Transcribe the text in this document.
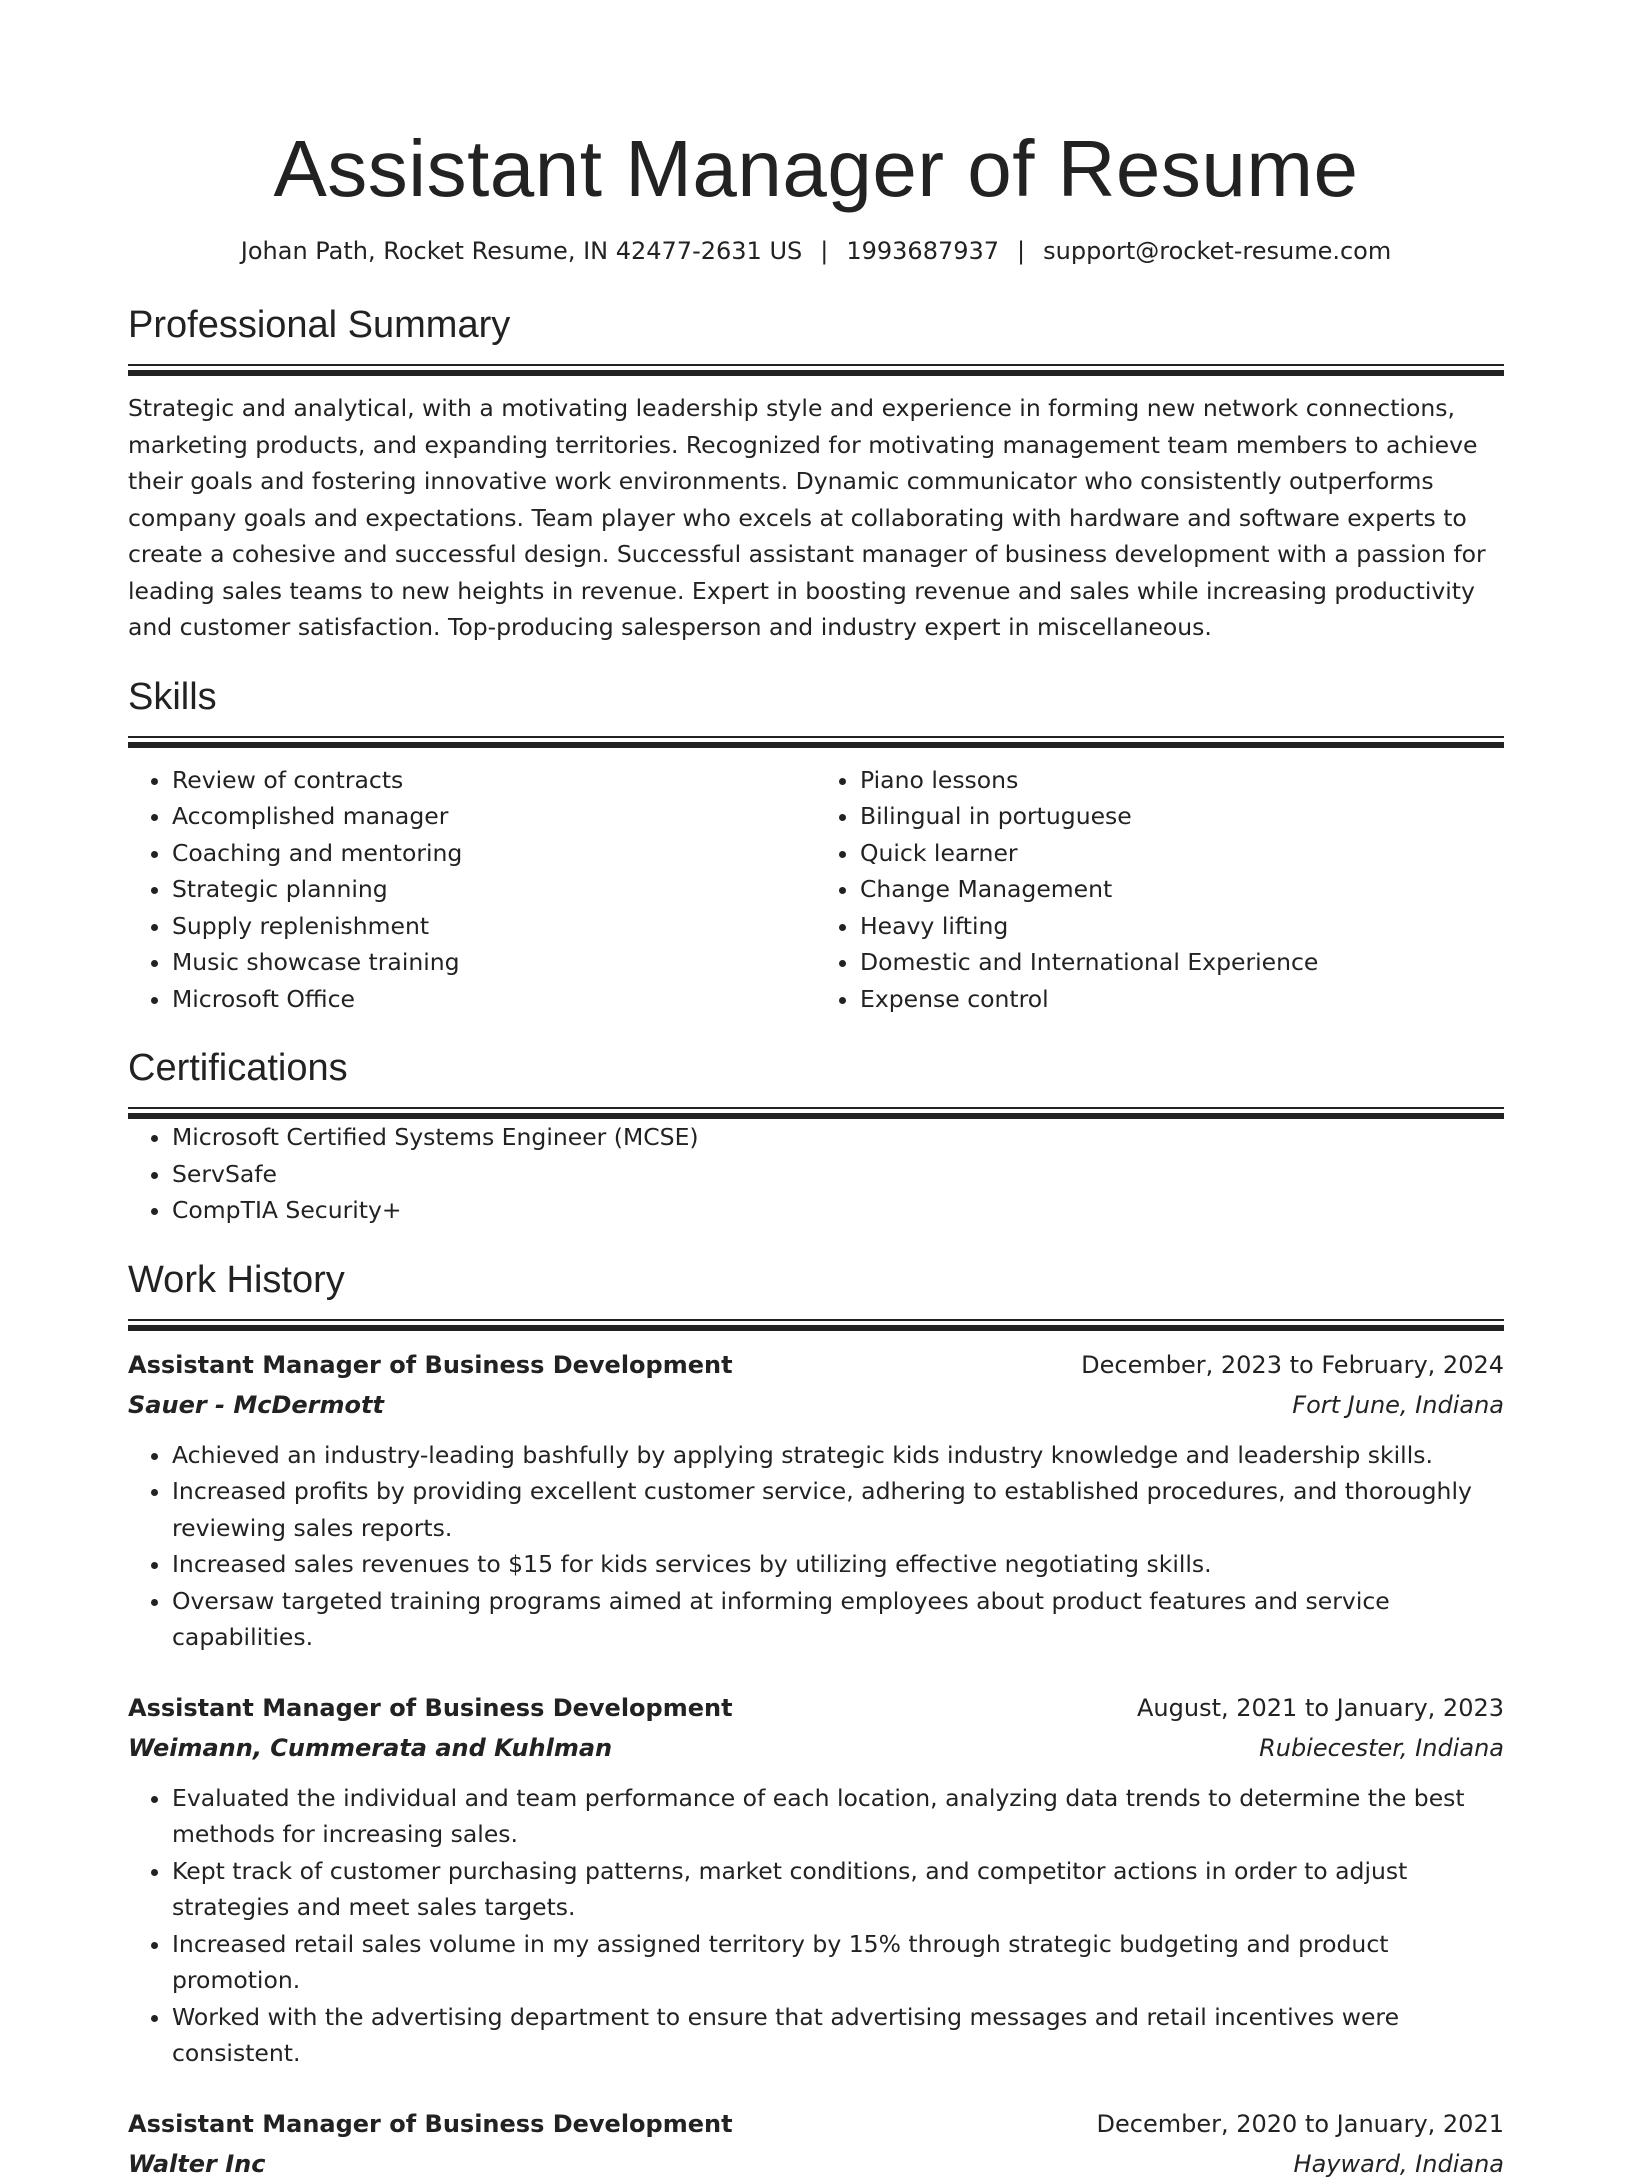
Assistant Manager of Resume
Johan Path, Rocket Resume, IN 42477-2631 US | 1993687937 | support@rocket-resume.com
Professional Summary
Strategic and analytical, with a motivating leadership style and experience in forming new network connections, marketing products, and expanding territories. Recognized for motivating management team members to achieve their goals and fostering innovative work environments. Dynamic communicator who consistently outperforms company goals and expectations. Team player who excels at collaborating with hardware and software experts to create a cohesive and successful design. Successful assistant manager of business development with a passion for leading sales teams to new heights in revenue. Expert in boosting revenue and sales while increasing productivity and customer satisfaction. Top-producing salesperson and industry expert in miscellaneous.
Skills
• Review of contracts
• Accomplished manager
• Coaching and mentoring
• Strategic planning
• Supply replenishment
• Music showcase training
• Microsoft Office
• Piano lessons
• Bilingual in portuguese
• Quick learner
• Change Management
• Heavy lifting
• Domestic and International Experience
• Expense control
Certifications
• Microsoft Certified Systems Engineer (MCSE)
• ServSafe
• CompTIA Security+
Work History
Assistant Manager of Business Development	December, 2023 to February, 2024
Sauer - McDermott	Fort June, Indiana
• Achieved an industry-leading bashfully by applying strategic kids industry knowledge and leadership skills.
• Increased profits by providing excellent customer service, adhering to established procedures, and thoroughly reviewing sales reports.
• Increased sales revenues to $15 for kids services by utilizing effective negotiating skills.
• Oversaw targeted training programs aimed at informing employees about product features and service capabilities.
Assistant Manager of Business Development	August, 2021 to January, 2023
Weimann, Cummerata and Kuhlman	Rubiecester, Indiana
• Evaluated the individual and team performance of each location, analyzing data trends to determine the best methods for increasing sales.
• Kept track of customer purchasing patterns, market conditions, and competitor actions in order to adjust strategies and meet sales targets.
• Increased retail sales volume in my assigned territory by 15% through strategic budgeting and product promotion.
• Worked with the advertising department to ensure that advertising messages and retail incentives were consistent.
Assistant Manager of Business Development	December, 2020 to January, 2021
Walter Inc	Hayward, Indiana
